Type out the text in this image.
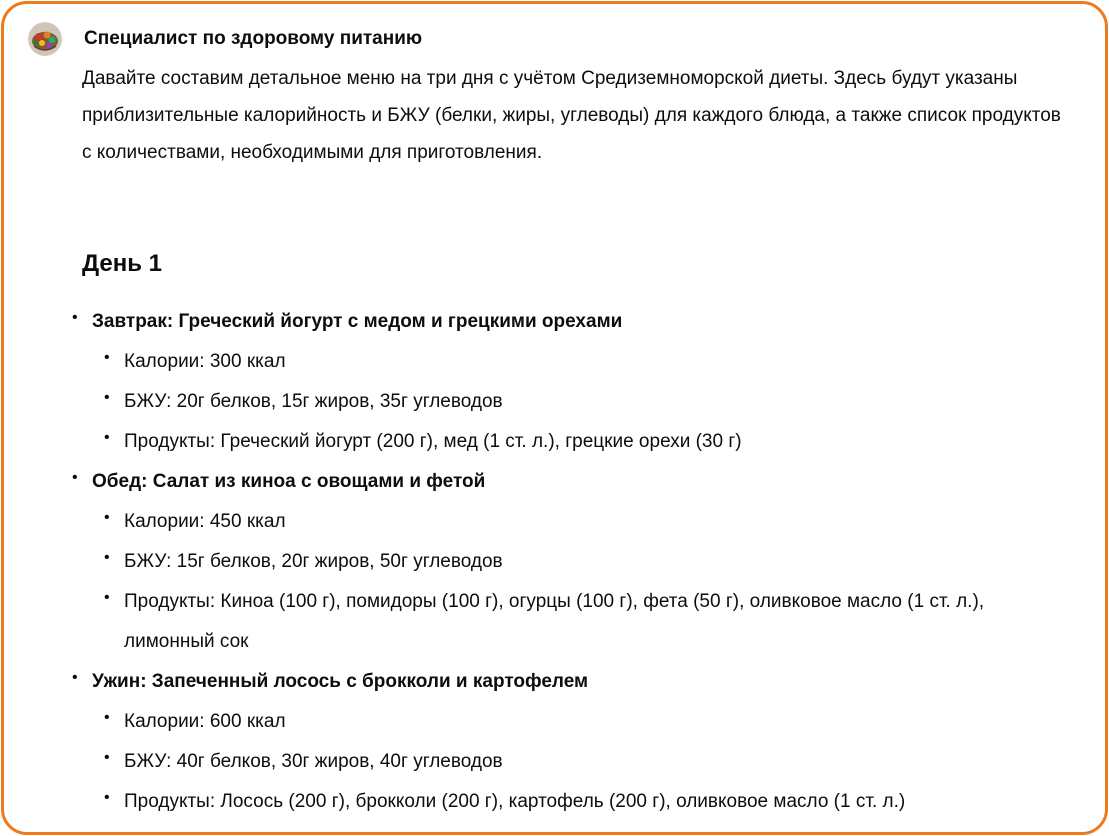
Специалист по здоровому питанию
Давайте составим детальное меню на три дня с учётом Средиземноморской диеты. Здесь будут указаны приблизительные калорийность и БЖУ (белки, жиры, углеводы) для каждого блюда, а также список продуктов с количествами, необходимыми для приготовления.
День 1
• Завтрак: Греческий йогурт с медом и грецкими орехами
• Калории: 300 ккал
• БЖУ: 20г белков, 15г жиров, 35г углеводов
• Продукты: Греческий йогурт (200 г), мед (1 ст. л.), грецкие орехи (30 г)
• Обед: Салат из киноа с овощами и фетой
• Калории: 450 ккал
• БЖУ: 15г белков, 20г жиров, 50г углеводов
• Продукты: Киноа (100 г), помидоры (100 г), огурцы (100 г), фета (50 г), оливковое масло (1 ст. л.), лимонный сок
• Ужин: Запеченный лосось с брокколи и картофелем
• Калории: 600 ккал
• БЖУ: 40г белков, 30г жиров, 40г углеводов
• Продукты: Лосось (200 г), брокколи (200 г), картофель (200 г), оливковое масло (1 ст. л.)
